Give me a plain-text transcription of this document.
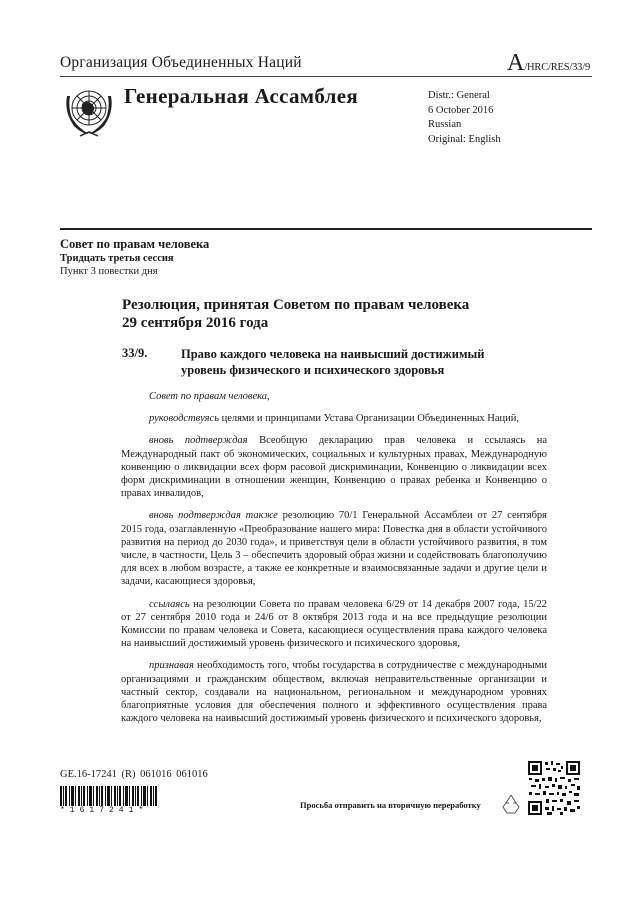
Организация Объединенных Наций	A/HRC/RES/33/9
Генеральная Ассамблея	Distr.: General
6 October 2016
Russian
Original: English
Совет по правам человека
Тридцать третья сессия
Пункт 3 повестки дня
Резолюция, принятая Советом по правам человека
29 сентября 2016 года
33/9.	Право каждого человека на наивысший достижимый
уровень физического и психического здоровья

Совет по правам человека,

руководствуясь целями и принципами Устава Организации Объединенных Наций,

вновь подтверждая Всеобщую декларацию прав человека и ссылаясь на Международный пакт об экономических, социальных и культурных правах, Международную конвенцию о ликвидации всех форм расовой дискриминации, Конвенцию о ликвидации всех форм дискриминации в отношении женщин, Конвенцию о правах ребенка и Конвенцию о правах инвалидов,

вновь подтверждая также резолюцию 70/1 Генеральной Ассамблеи от 27 сентября 2015 года, озаглавленную «Преобразование нашего мира: Повестка дня в области устойчивого развития на период до 2030 года», и приветствуя цели в области устойчивого развития, в том числе, в частности, Цель 3 – обеспечить здоровый образ жизни и содействовать благополучию для всех в любом возрасте, а также ее конкретные и взаимосвязанные задачи и другие цели и задачи, касающиеся здоровья,

ссылаясь на резолюции Совета по правам человека 6/29 от 14 декабря 2007 года, 15/22 от 27 сентября 2010 года и 24/6 от 8 октября 2013 года и на все предыдущие резолюции Комиссии по правам человека и Совета, касающиеся осуществления права каждого человека на наивысший достижимый уровень физического и психического здоровья,

признавая необходимость того, чтобы государства в сотрудничестве с международными организациями и гражданским обществом, включая неправительственные организации и частный сектор, создавали на национальном, региональном и международном уровнях благоприятные условия для обеспечения полного и эффективного осуществления права каждого человека на наивысший достижимый уровень физического и психического здоровья,

GE.16-17241 (R) 061016 061016
*1617241*
Просьба отправить на вторичную переработку
